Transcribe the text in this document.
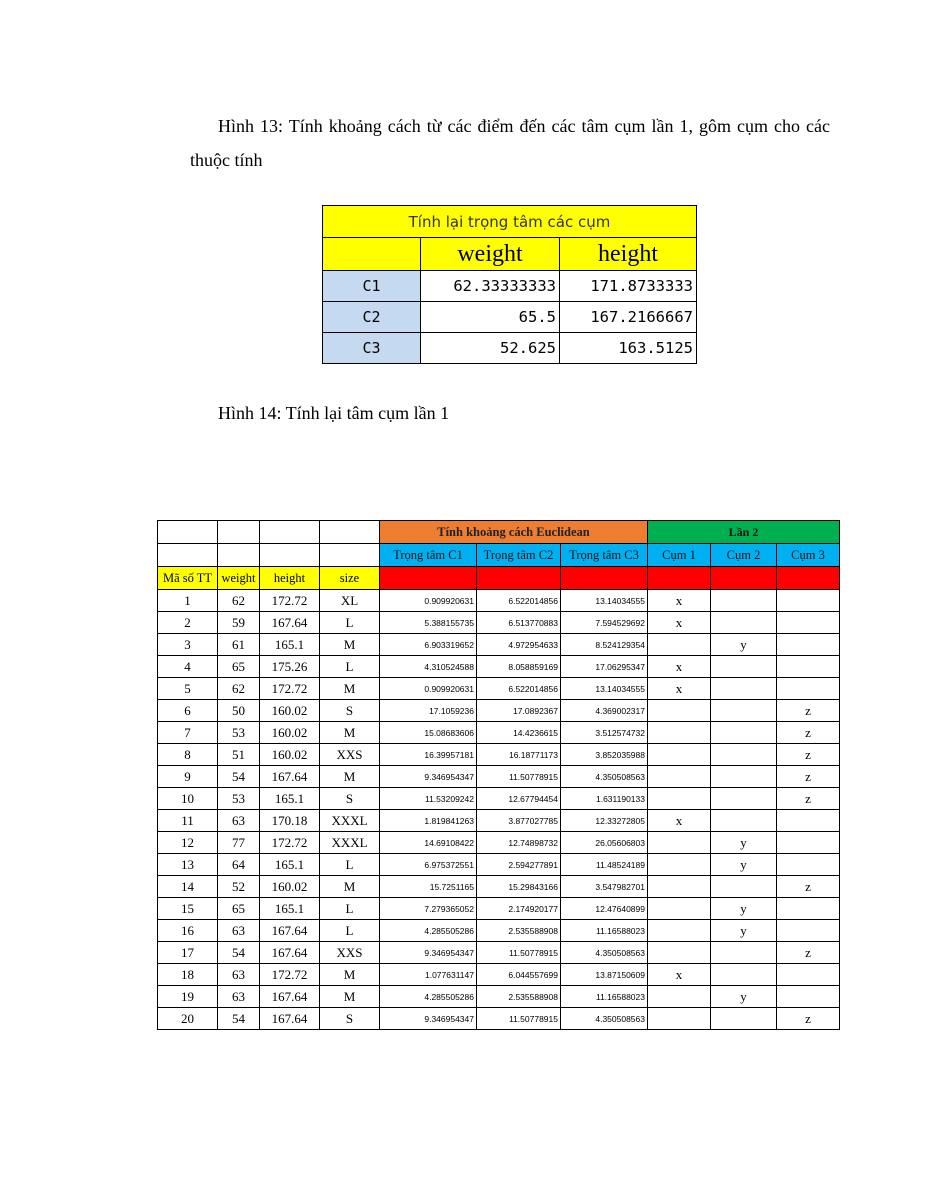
Hình 13: Tính khoảng cách từ các điểm đến các tâm cụm lần 1, gôm cụm cho các thuộc tính
Tính lại trọng tâm các cụm		
	weight	height
C1	62.33333333	171.8733333
C2	65.5	167.2166667
C3	52.625	163.5125
Hình 14: Tính lại tâm cụm lần 1
				Tính khoảng cách Euclidean			Lần 2		
				Trọng tâm C1	Trọng tâm C2	Trọng tâm C3	Cụm 1	Cụm 2	Cụm 3
Mã số TT	weight	height	size						
1	62	172.72	XL	0.909920631	6.522014856	13.14034555	x		
2	59	167.64	L	5.388155735	6.513770883	7.594529692	x		
3	61	165.1	M	6.903319652	4.972954633	8.524129354		y	
4	65	175.26	L	4.310524588	8.058859169	17.06295347	x		
5	62	172.72	M	0.909920631	6.522014856	13.14034555	x		
6	50	160.02	S	17.1059236	17.0892367	4.369002317			z
7	53	160.02	M	15.08683606	14.4236615	3.512574732			z
8	51	160.02	XXS	16.39957181	16.18771173	3.852035988			z
9	54	167.64	M	9.346954347	11.50778915	4.350508563			z
10	53	165.1	S	11.53209242	12.67794454	1.631190133			z
11	63	170.18	XXXL	1.819841263	3.877027785	12.33272805	x		
12	77	172.72	XXXL	14.69108422	12.74898732	26.05606803		y	
13	64	165.1	L	6.975372551	2.594277891	11.48524189		y	
14	52	160.02	M	15.7251165	15.29843166	3.547982701			z
15	65	165.1	L	7.279365052	2.174920177	12.47640899		y	
16	63	167.64	L	4.285505286	2.535588908	11.16588023		y	
17	54	167.64	XXS	9.346954347	11.50778915	4.350508563			z
18	63	172.72	M	1.077631147	6.044557699	13.87150609	x		
19	63	167.64	M	4.285505286	2.535588908	11.16588023		y	
20	54	167.64	S	9.346954347	11.50778915	4.350508563			z
